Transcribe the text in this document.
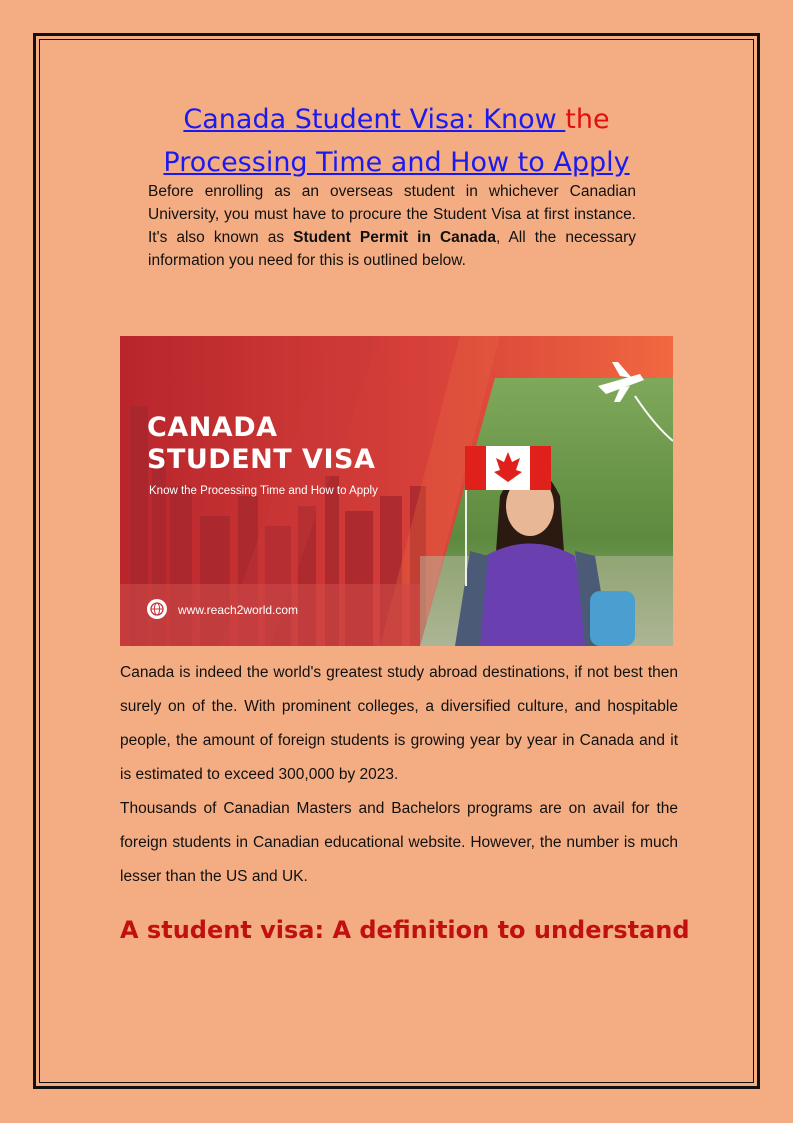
Canada Student Visa: Know the
Processing Time and How to Apply

Before enrolling as an overseas student in whichever Canadian University, you must have to procure the Student Visa at first instance. It's also known as Student Permit in Canada, All the necessary information you need for this is outlined below.

CANADA
STUDENT VISA
Know the Processing Time and How to Apply
www.reach2world.com

Canada is indeed the world's greatest study abroad destinations, if not best then surely on of the. With prominent colleges, a diversified culture, and hospitable people, the amount of foreign students is growing year by year in Canada and it is estimated to exceed 300,000 by 2023.

Thousands of Canadian Masters and Bachelors programs are on avail for the foreign students in Canadian educational website. However, the number is much lesser than the US and UK.

A student visa: A definition to understand
